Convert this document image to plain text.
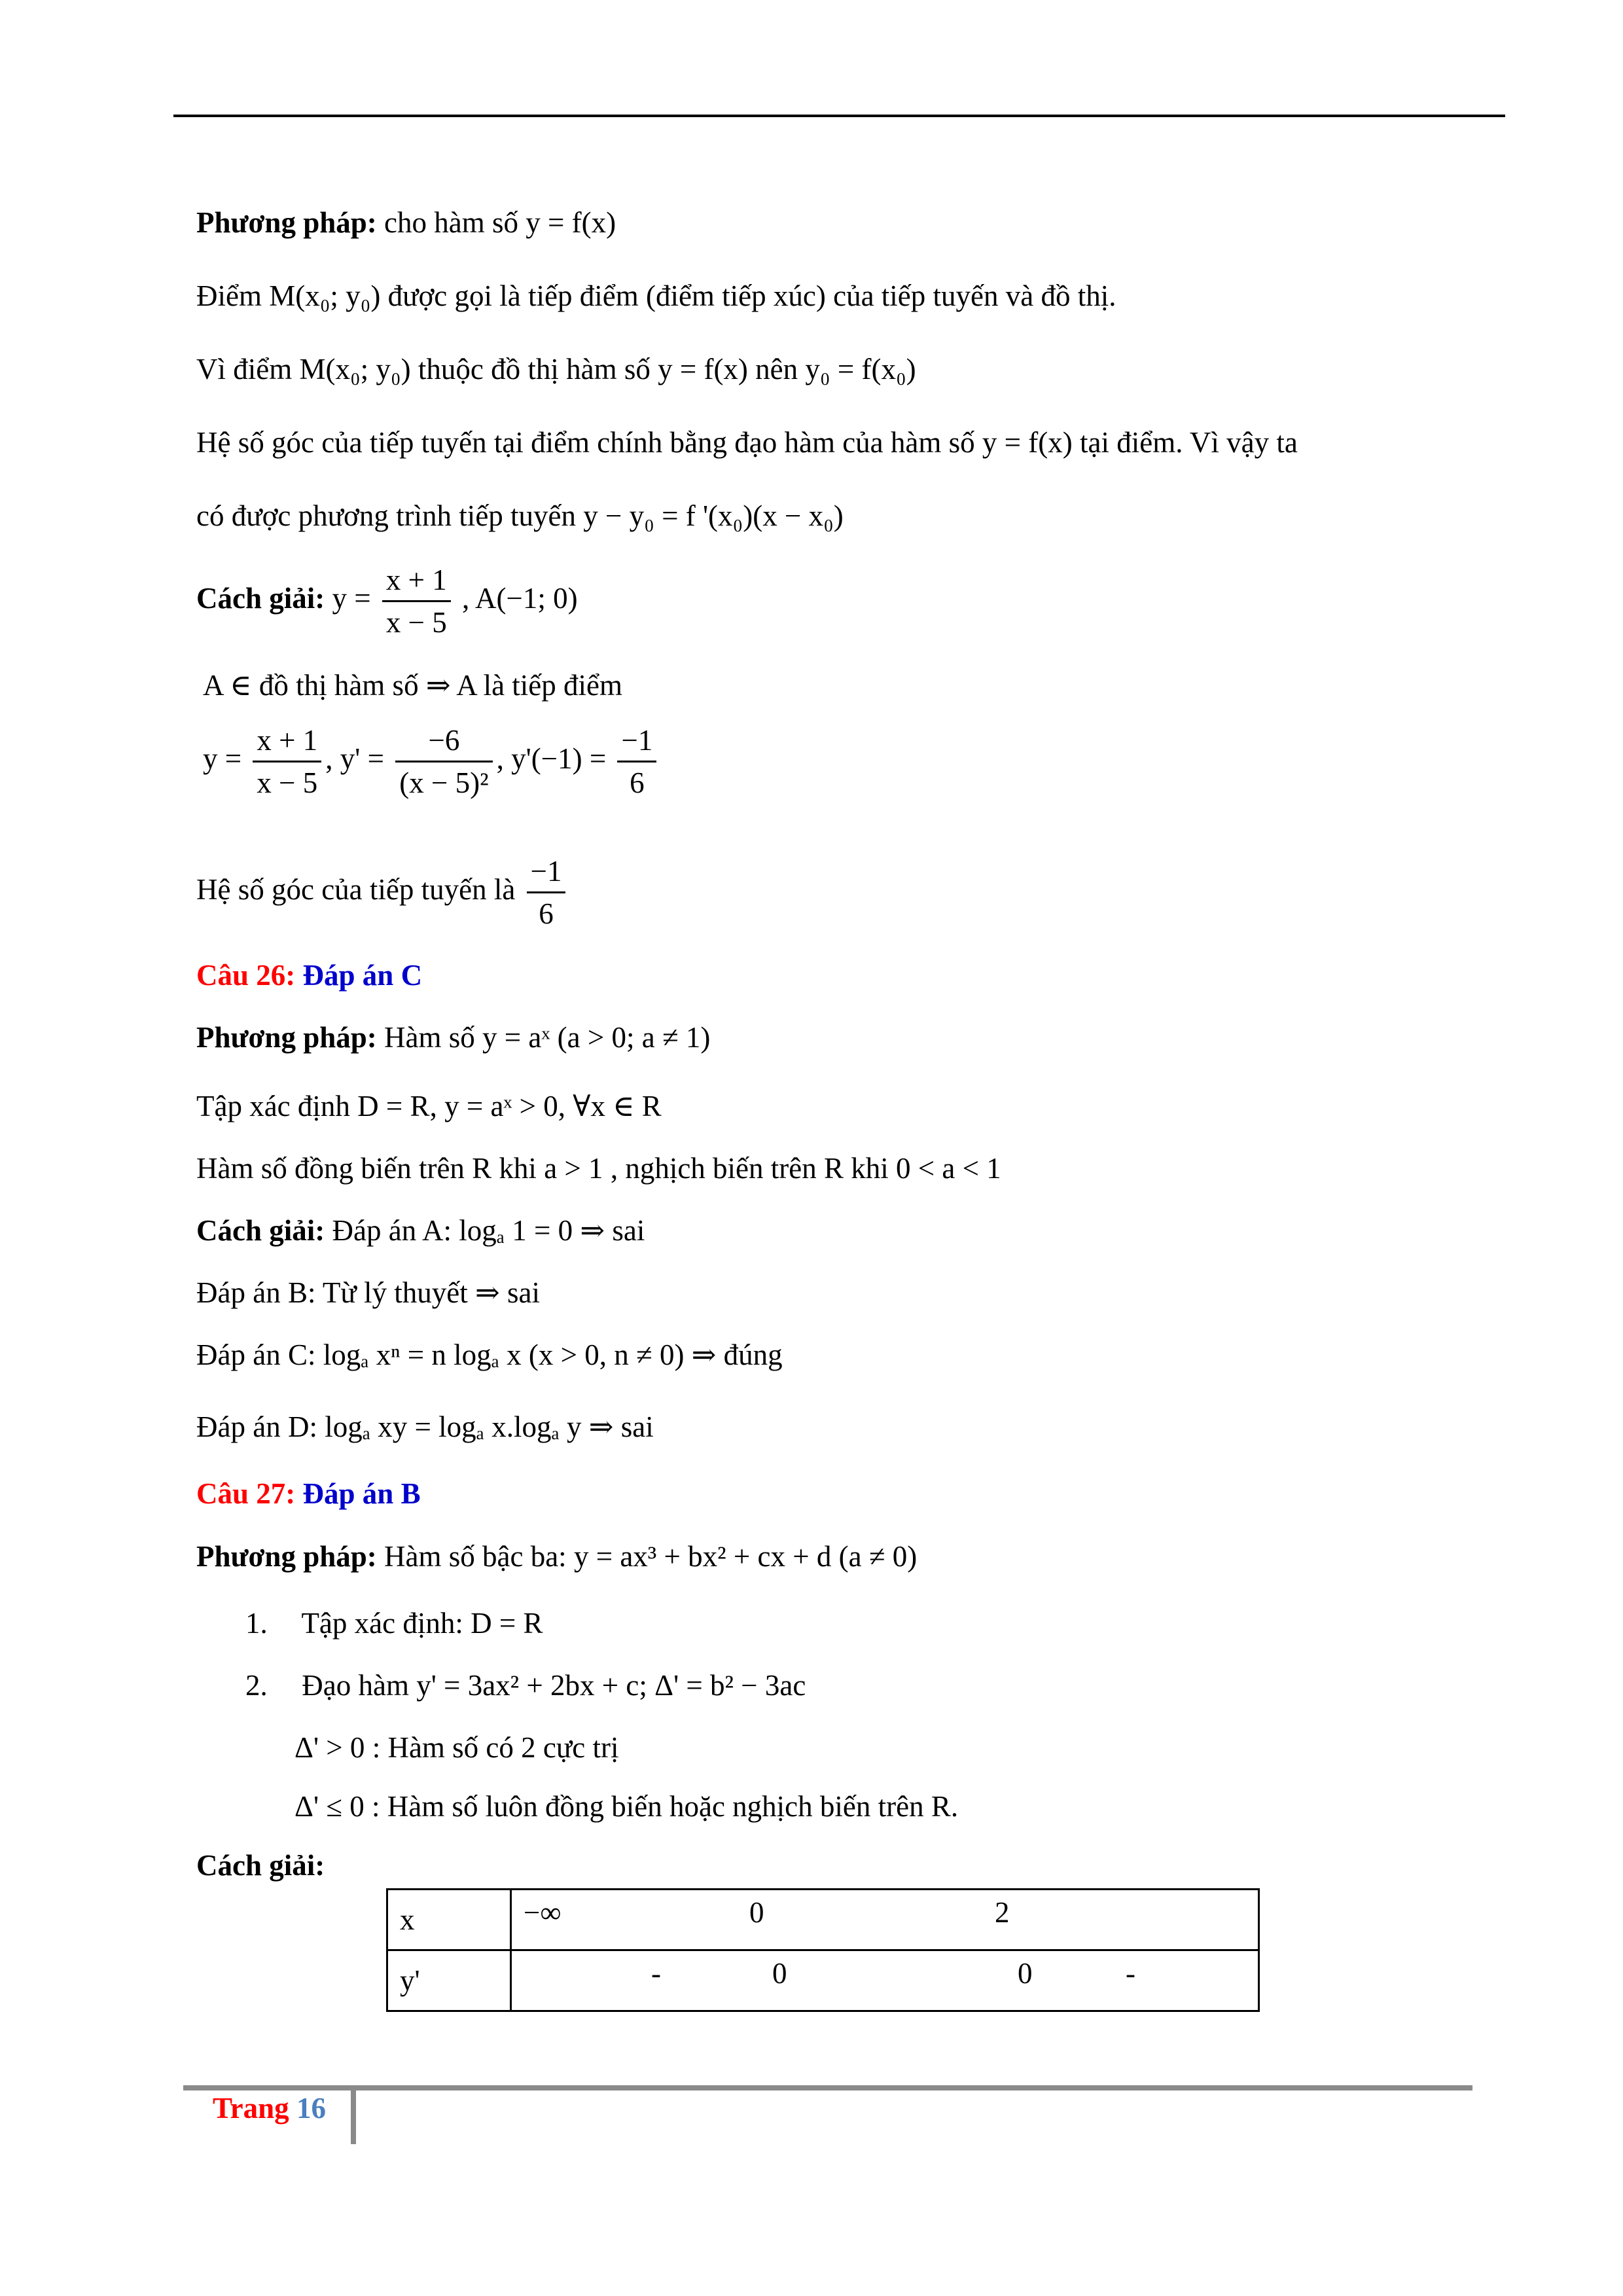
Phương pháp: cho hàm số y = f(x)
Điểm M(x₀; y₀) được gọi là tiếp điểm (điểm tiếp xúc) của tiếp tuyến và đồ thị.
Vì điểm M(x₀; y₀) thuộc đồ thị hàm số y = f(x) nên y₀ = f(x₀)
Hệ số góc của tiếp tuyến tại điểm chính bằng đạo hàm của hàm số y = f(x) tại điểm. Vì vậy ta
có được phương trình tiếp tuyến y − y₀ = f '(x₀)(x − x₀)
Cách giải: $y = \frac{x + 1}{x - 5}$ , A(−1; 0)
A ∈ đồ thị hàm số ⇒ A là tiếp điểm
$y = \frac{x + 1}{x - 5}$ , $y' = \frac{-6}{\text{(x − 5)²}}$ , $y'(-1) = \frac{-1}{6}$
Hệ số góc của tiếp tuyến là $\frac{-1}{6}$
Câu 26: Đáp án C
Phương pháp: Hàm số y = aˣ (a > 0; a ≠ 1)
Tập xác định D = R, y = aˣ > 0, ∀x ∈ R
Hàm số đồng biến trên R khi a > 1 , nghịch biến trên R khi 0 < a < 1
Cách giải: Đáp án A: logₐ 1 = 0 ⇒ sai
Đáp án B: Từ lý thuyết ⇒ sai
Đáp án C: logₐ xⁿ = n logₐ x (x > 0, n ≠ 0) ⇒ đúng
Đáp án D: logₐ xy = logₐ x.logₐ y ⇒ sai
Câu 27: Đáp án B
Phương pháp: Hàm số bậc ba: y = ax³ + bx² + cx + d (a ≠ 0)
1. Tập xác định: D = R
2. Đạo hàm y' = 3ax² + 2bx + c; Δ' = b² − 3ac
Δ' > 0 : Hàm số có 2 cực trị
Δ' ≤ 0 : Hàm số luôn đồng biến hoặc nghịch biến trên R.
Cách giải:
x	−∞ 0 2

y'	- 0 0 -
Trang 16
